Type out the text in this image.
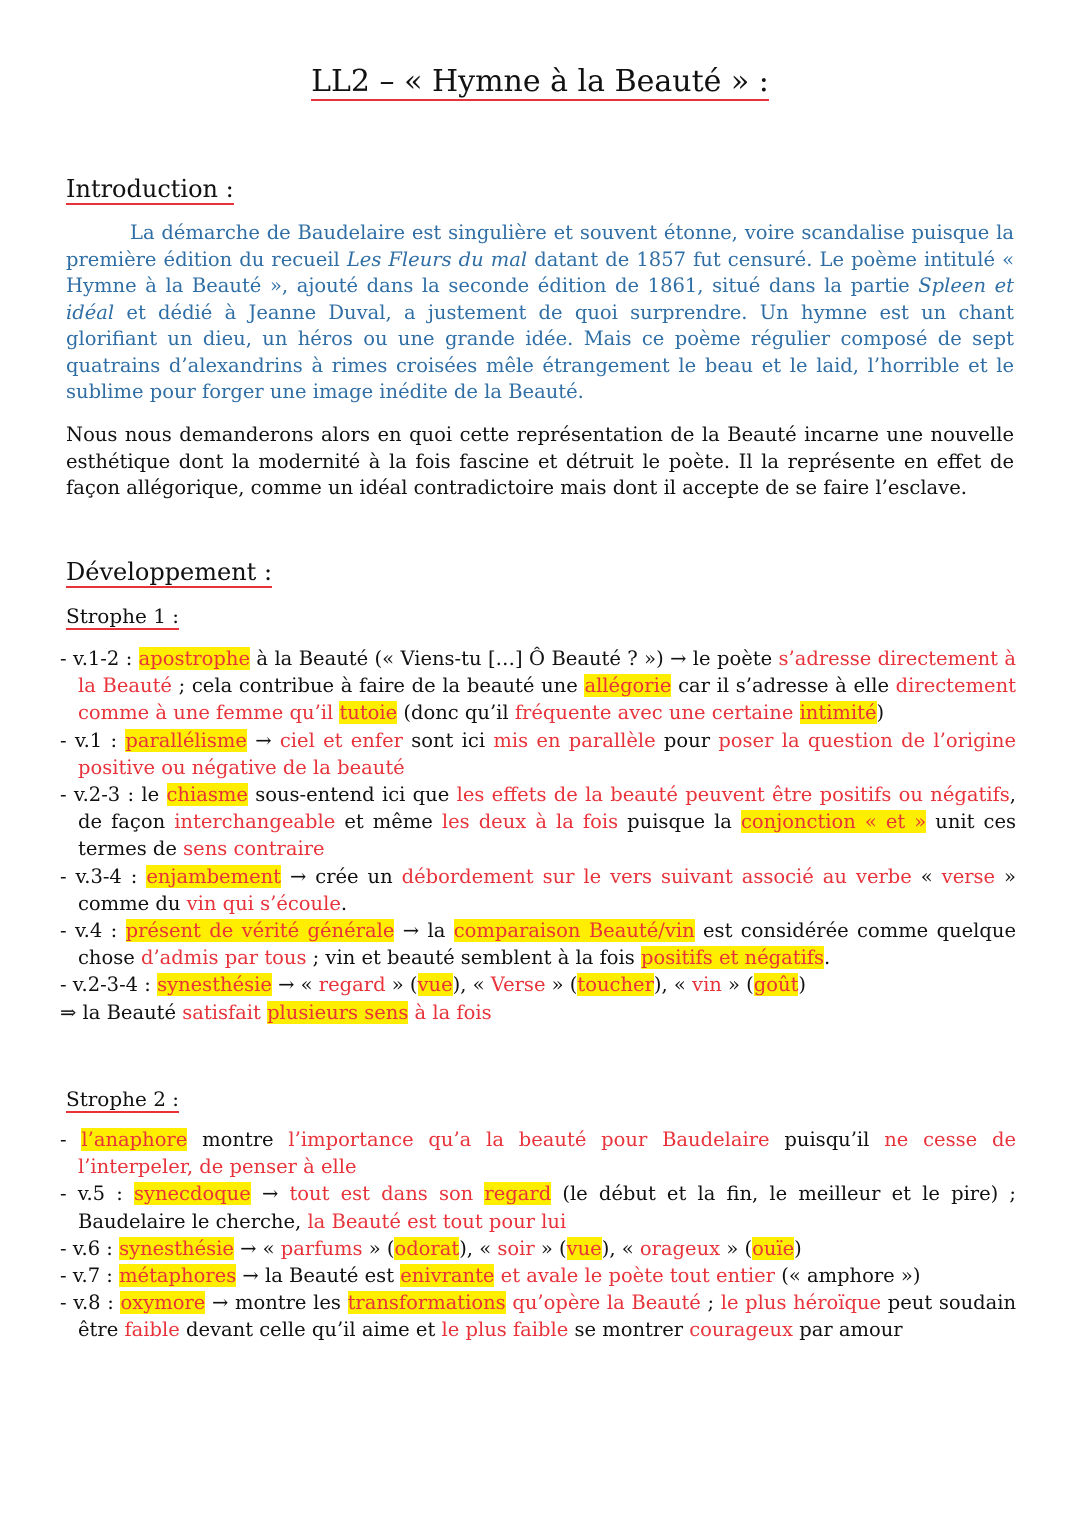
LL2 – « Hymne à la Beauté » :
Introduction :
La démarche de Baudelaire est singulière et souvent étonne, voire scandalise puisque la première édition du recueil Les Fleurs du mal datant de 1857 fut censuré. Le poème intitulé « Hymne à la Beauté », ajouté dans la seconde édition de 1861, situé dans la partie Spleen et idéal et dédié à Jeanne Duval, a justement de quoi surprendre. Un hymne est un chant glorifiant un dieu, un héros ou une grande idée. Mais ce poème régulier composé de sept quatrains d’alexandrins à rimes croisées mêle étrangement le beau et le laid, l’horrible et le sublime pour forger une image inédite de la Beauté.
Nous nous demanderons alors en quoi cette représentation de la Beauté incarne une nouvelle esthétique dont la modernité à la fois fascine et détruit le poète. Il la représente en effet de façon allégorique, comme un idéal contradictoire mais dont il accepte de se faire l’esclave.
Développement :
Strophe 1 :
- v.1-2 : apostrophe à la Beauté (« Viens-tu […] Ô Beauté ? ») → le poète s’adresse directement à la Beauté ; cela contribue à faire de la beauté une allégorie car il s’adresse à elle directement comme à une femme qu’il tutoie (donc qu’il fréquente avec une certaine intimité)
- v.1 : parallélisme → ciel et enfer sont ici mis en parallèle pour poser la question de l’origine positive ou négative de la beauté
- v.2-3 : le chiasme sous-entend ici que les effets de la beauté peuvent être positifs ou négatifs, de façon interchangeable et même les deux à la fois puisque la conjonction « et » unit ces termes de sens contraire
- v.3-4 : enjambement → crée un débordement sur le vers suivant associé au verbe « verse » comme du vin qui s’écoule.
- v.4 : présent de vérité générale → la comparaison Beauté/vin est considérée comme quelque chose d’admis par tous ; vin et beauté semblent à la fois positifs et négatifs.
- v.2-3-4 : synesthésie → « regard » (vue), « Verse » (toucher), « vin » (goût)
⇒ la Beauté satisfait plusieurs sens à la fois
Strophe 2 :
- l’anaphore montre l’importance qu’a la beauté pour Baudelaire puisqu’il ne cesse de l’interpeler, de penser à elle
- v.5 : synecdoque → tout est dans son regard (le début et la fin, le meilleur et le pire) ; Baudelaire le cherche, la Beauté est tout pour lui
- v.6 : synesthésie → « parfums » (odorat), « soir » (vue), « orageux » (ouïe)
- v.7 : métaphores → la Beauté est enivrante et avale le poète tout entier (« amphore »)
- v.8 : oxymore → montre les transformations qu’opère la Beauté ; le plus héroïque peut soudain être faible devant celle qu’il aime et le plus faible se montrer courageux par amour
